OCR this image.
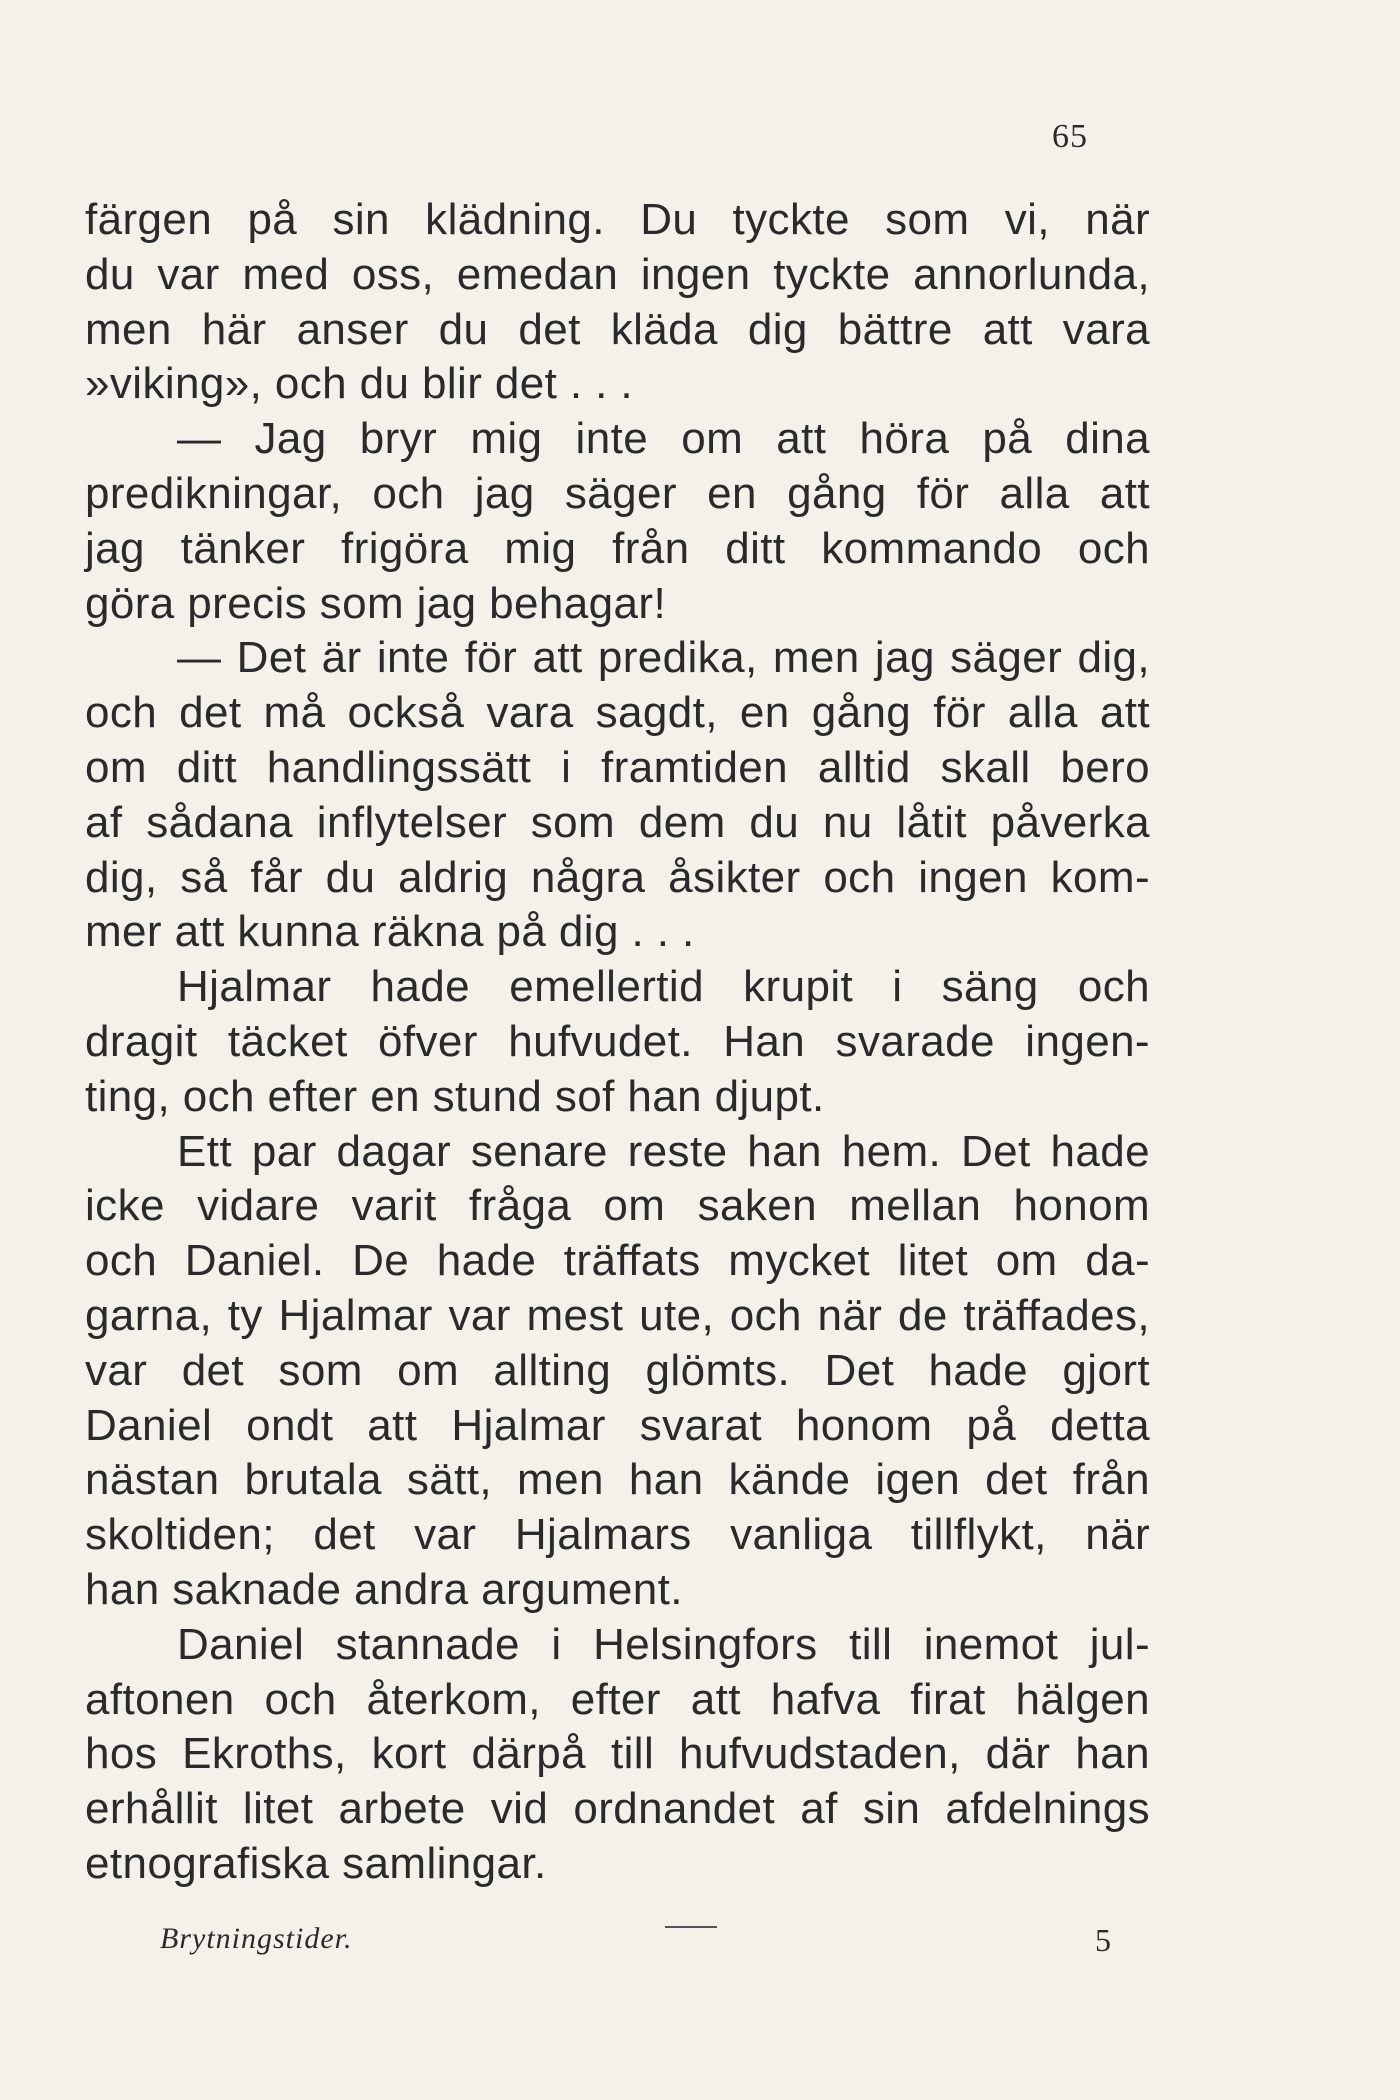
65
färgen på sin klädning. Du tyckte som vi, när
du var med oss, emedan ingen tyckte annorlunda,
men här anser du det kläda dig bättre att vara
»viking», och du blir det . . .
— Jag bryr mig inte om att höra på dina
predikningar, och jag säger en gång för alla att
jag tänker frigöra mig från ditt kommando och
göra precis som jag behagar!
— Det är inte för att predika, men jag säger dig,
och det må också vara sagdt, en gång för alla att
om ditt handlingssätt i framtiden alltid skall bero
af sådana inflytelser som dem du nu låtit påverka
dig, så får du aldrig några åsikter och ingen kom-
mer att kunna räkna på dig . . .
Hjalmar hade emellertid krupit i säng och
dragit täcket öfver hufvudet. Han svarade ingen-
ting, och efter en stund sof han djupt.
Ett par dagar senare reste han hem. Det hade
icke vidare varit fråga om saken mellan honom
och Daniel. De hade träffats mycket litet om da-
garna, ty Hjalmar var mest ute, och när de träffades,
var det som om allting glömts. Det hade gjort
Daniel ondt att Hjalmar svarat honom på detta
nästan brutala sätt, men han kände igen det från
skoltiden; det var Hjalmars vanliga tillflykt, när
han saknade andra argument.
Daniel stannade i Helsingfors till inemot jul-
aftonen och återkom, efter att hafva firat hälgen
hos Ekroths, kort därpå till hufvudstaden, där han
erhållit litet arbete vid ordnandet af sin afdelnings
etnografiska samlingar.
Brytningstider.	5
